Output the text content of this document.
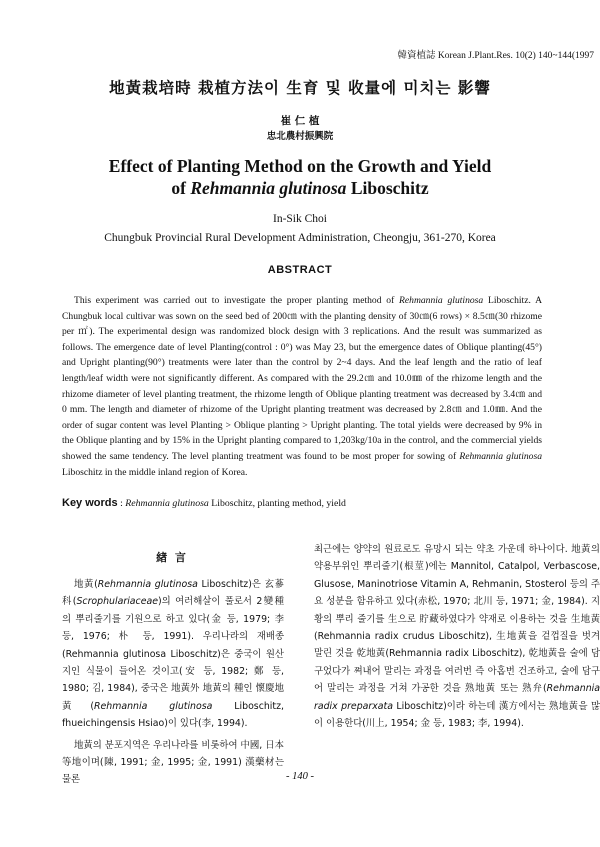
韓資植誌 Korean J.Plant.Res. 10(2) 140~144(1997
地黃栽培時 栽植方法이 生育 및 收量에 미치는 影響
崔 仁 植
忠北農村振興院
Effect of Planting Method on the Growth and Yield
of Rehmannia glutinosa Liboschitz
In-Sik Choi
Chungbuk Provincial Rural Development Administration, Cheongju, 361-270, Korea
ABSTRACT
This experiment was carried out to investigate the proper planting method of Rehmannia glutinosa Liboschitz. A Chungbuk local cultivar was sown on the seed bed of 200㎝ with the planting density of 30㎝(6 rows) × 8.5㎝(30 rhizome per ㎡). The experimental design was randomized block design with 3 replications. And the result was summarized as follows. The emergence date of level Planting(control : 0°) was May 23, but the emergence dates of Oblique planting(45°) and Upright planting(90°) treatments were later than the control by 2~4 days. And the leaf length and the ratio of leaf length/leaf width were not significantly different. As compared with the 29.2㎝ and 10.0㎜ of the rhizome length and the rhizome diameter of level planting treatment, the rhizome length of Oblique planting treatment was decreased by 3.4㎝ and 0 mm. The length and diameter of rhizome of the Upright planting treatment was decreased by 2.8㎝ and 1.0㎜. And the order of sugar content was level Planting > Oblique planting > Upright planting. The total yields were decreased by 9% in the Oblique planting and by 15% in the Upright planting compared to 1,203kg/10a in the control, and the commercial yields showed the same tendency. The level planting treatment was found to be most proper for sowing of Rehmannia glutinosa Liboschitz in the middle inland region of Korea.
Key words : Rehmannia glutinosa Liboschitz, planting method, yield
緖 言

地黃(Rehmannia glutinosa Liboschitz)은 玄蔘科(Scrophulariaceae)의 여러해살이 풀로서 2變種의 뿌리줄기를 기원으로 하고 있다(金 등, 1979; 李 등, 1976; 朴 등, 1991). 우리나라의 재배종(Rehmannia glutinosa Liboschitz)은 중국이 원산지인 식물이 들어온 것이고(安 등, 1982; 鄭 등, 1980; 김, 1984), 중국은 地黃外 地黃의 種인 懷慶地黃(Rehmannia glutinosa Liboschitz, fhueichingensis Hsiao)이 있다(李, 1994).

地黃의 분포지역은 우리나라를 비롯하여 中國, 日本 等地이며(陳, 1991; 金, 1995; 金, 1991) 漢藥材는물론

최근에는 양약의 원료로도 유망시 되는 약초 가운데 하나이다. 地黃의 약용부위인 뿌리줄기(根莖)에는 Mannitol, Catalpol, Verbascose, Glusose, Maninotriose Vitamin A, Rehmanin, Stosterol 등의 주요 성분을 함유하고 있다(赤松, 1970; 北川 등, 1971; 金, 1984). 지황의 뿌리 줄기를 生으로 貯藏하였다가 약재로 이용하는 것을 生地黃(Rehmannia radix crudus Liboschitz), 生地黃을 겉껍질을 벗겨 말린 것을 乾地黃(Rehmannia radix Liboschitz), 乾地黃을 술에 담구었다가 쪄내어 말리는 과정을 여러번 즉 아홉번 건조하고, 술에 담구어 말리는 과정을 거쳐 가공한 것을 熟地黃 또는 熟弁(Rehmannia radix preparxata Liboschitz)이라 하는데 漢方에서는 熟地黃을 많이 이용한다(川上, 1954; 金 등, 1983; 李, 1994).
- 140 -
